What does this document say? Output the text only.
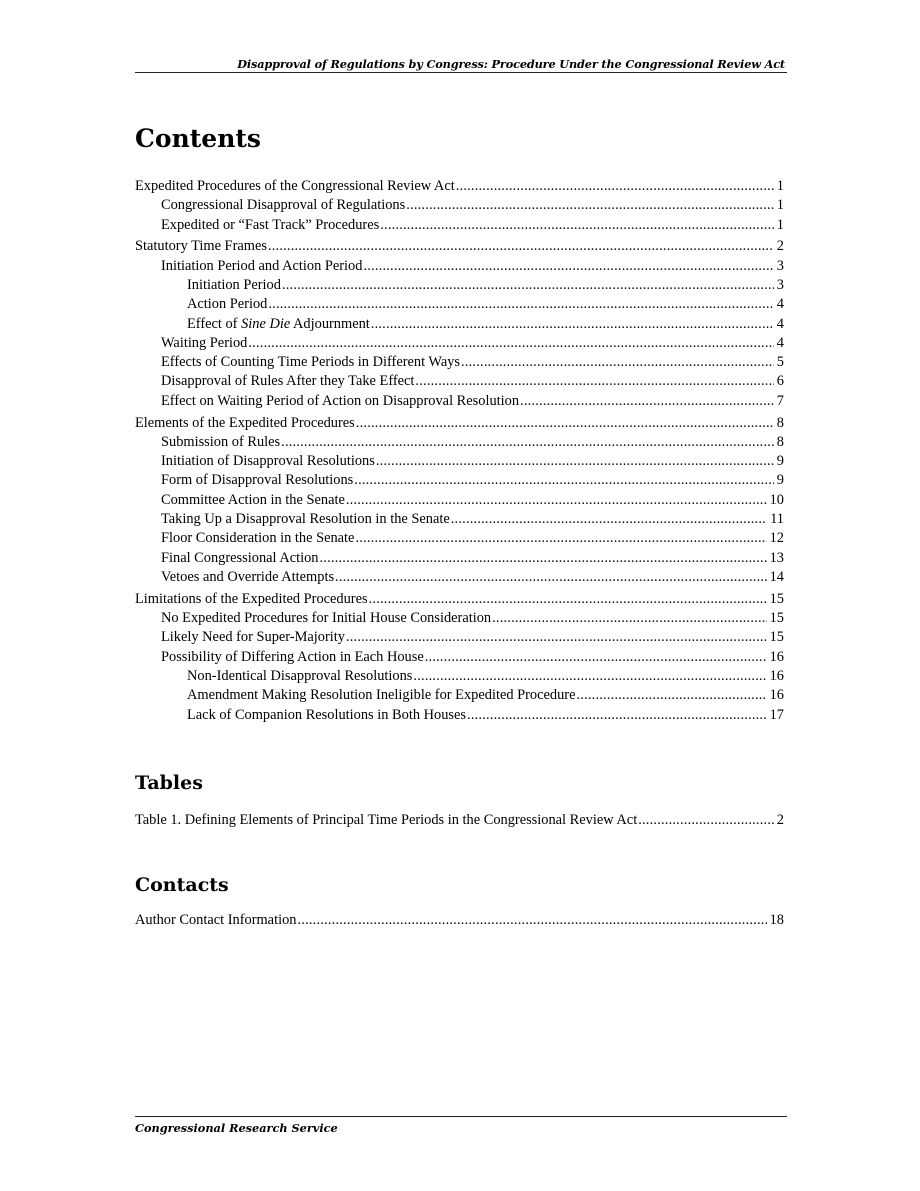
Disapproval of Regulations by Congress: Procedure Under the Congressional Review Act
Contents
Expedited Procedures of the Congressional Review Act .....	1
Congressional Disapproval of Regulations .....	1
Expedited or “Fast Track” Procedures .....	1
Statutory Time Frames .....	2
Initiation Period and Action Period .....	3
Initiation Period .....	3
Action Period .....	4
Effect of Sine Die Adjournment .....	4
Waiting Period .....	4
Effects of Counting Time Periods in Different Ways .....	5
Disapproval of Rules After they Take Effect .....	6
Effect on Waiting Period of Action on Disapproval Resolution .....	7
Elements of the Expedited Procedures .....	8
Submission of Rules .....	8
Initiation of Disapproval Resolutions .....	9
Form of Disapproval Resolutions .....	9
Committee Action in the Senate .....	10
Taking Up a Disapproval Resolution in the Senate .....	11
Floor Consideration in the Senate .....	12
Final Congressional Action .....	13
Vetoes and Override Attempts .....	14
Limitations of the Expedited Procedures .....	15
No Expedited Procedures for Initial House Consideration .....	15
Likely Need for Super-Majority .....	15
Possibility of Differing Action in Each House .....	16
Non-Identical Disapproval Resolutions .....	16
Amendment Making Resolution Ineligible for Expedited Procedure .....	16
Lack of Companion Resolutions in Both Houses .....	17
Tables
Table 1. Defining Elements of Principal Time Periods in the Congressional Review Act .....	2
Contacts
Author Contact Information .....	18
Congressional Research Service
